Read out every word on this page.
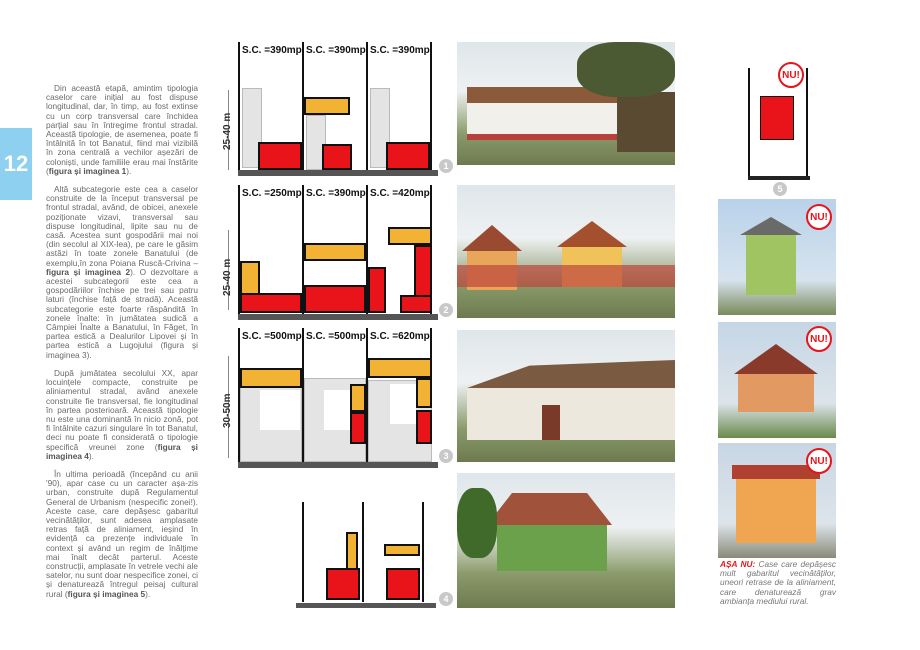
12

Din această etapă, amintim tipologia caselor care inițial au fost dispuse longitudinal, dar, în timp, au fost extinse cu un corp transversal care închidea parțial sau în întregime frontul stradal. Această tipologie, de asemenea, poate fi întâlnită în tot Banatul, fiind mai vizibilă în zona centrală a vechilor așezări de coloniști, unde familiile erau mai înstărite (figura și imaginea 1).

Altă subcategorie este cea a caselor construite de la început transversal pe frontul stradal, având, de obicei, anexele poziționate vizavi, transversal sau dispuse longitudinal, lipite sau nu de casă. Acestea sunt gospodării mai noi (din secolul al XIX-lea), pe care le găsim astăzi în toate zonele Banatului (de exemplu,în zona Poiana Ruscă-Crivina – figura și imaginea 2). O dezvoltare a acestei subcategorii este cea a gospodăriilor închise pe trei sau patru laturi (închise față de stradă). Această subcategorie este foarte răspândită în zonele înalte: în jumătatea sudică a Câmpiei Înalte a Banatului, în Făget, în partea estică a Dealurilor Lipovei și în partea estică a Lugojului (figura și imaginea 3).

După jumătatea secolului XX, apar locuințele compacte, construite pe aliniamentul stradal, având anexele construite fie transversal, fie longitudinal în partea posterioară. Această tipologie nu este una dominantă în nicio zonă, pot fi întâlnite cazuri singulare în tot Banatul, deci nu poate fi considerată o tipologie specifică vreunei zone (figura și imaginea 4).

În ultima perioadă (începând cu anii '90), apar case cu un caracter așa-zis urban, construite după Regulamentul General de Urbanism (nespecific zonei!). Aceste case, care depășesc gabaritul vecinătăților, sunt adesea amplasate retras față de aliniament, ieșind în evidență ca prezențe individuale în context și având un regim de înălțime mai înalt decât parterul. Aceste construcții, amplasate în vetrele vechi ale satelor, nu sunt doar nespecifice zonei, ci și denaturează întregul peisaj cultural rural (figura și imaginea 5).

25-40 m
S.C. =390mp S.C. =390mp S.C. =390mp
1
25-40 m
S.C. =250mp S.C. =390mp S.C. =420mp
2
30-50m
S.C. =500mp S.C. =500mp S.C. =620mp
3
4
NU!
5
NU!
NU!
NU!
AȘA NU: Case care depășesc mult gabaritul vecinătăților, uneori retrase de la aliniament, care denaturează grav ambianța mediului rural.
